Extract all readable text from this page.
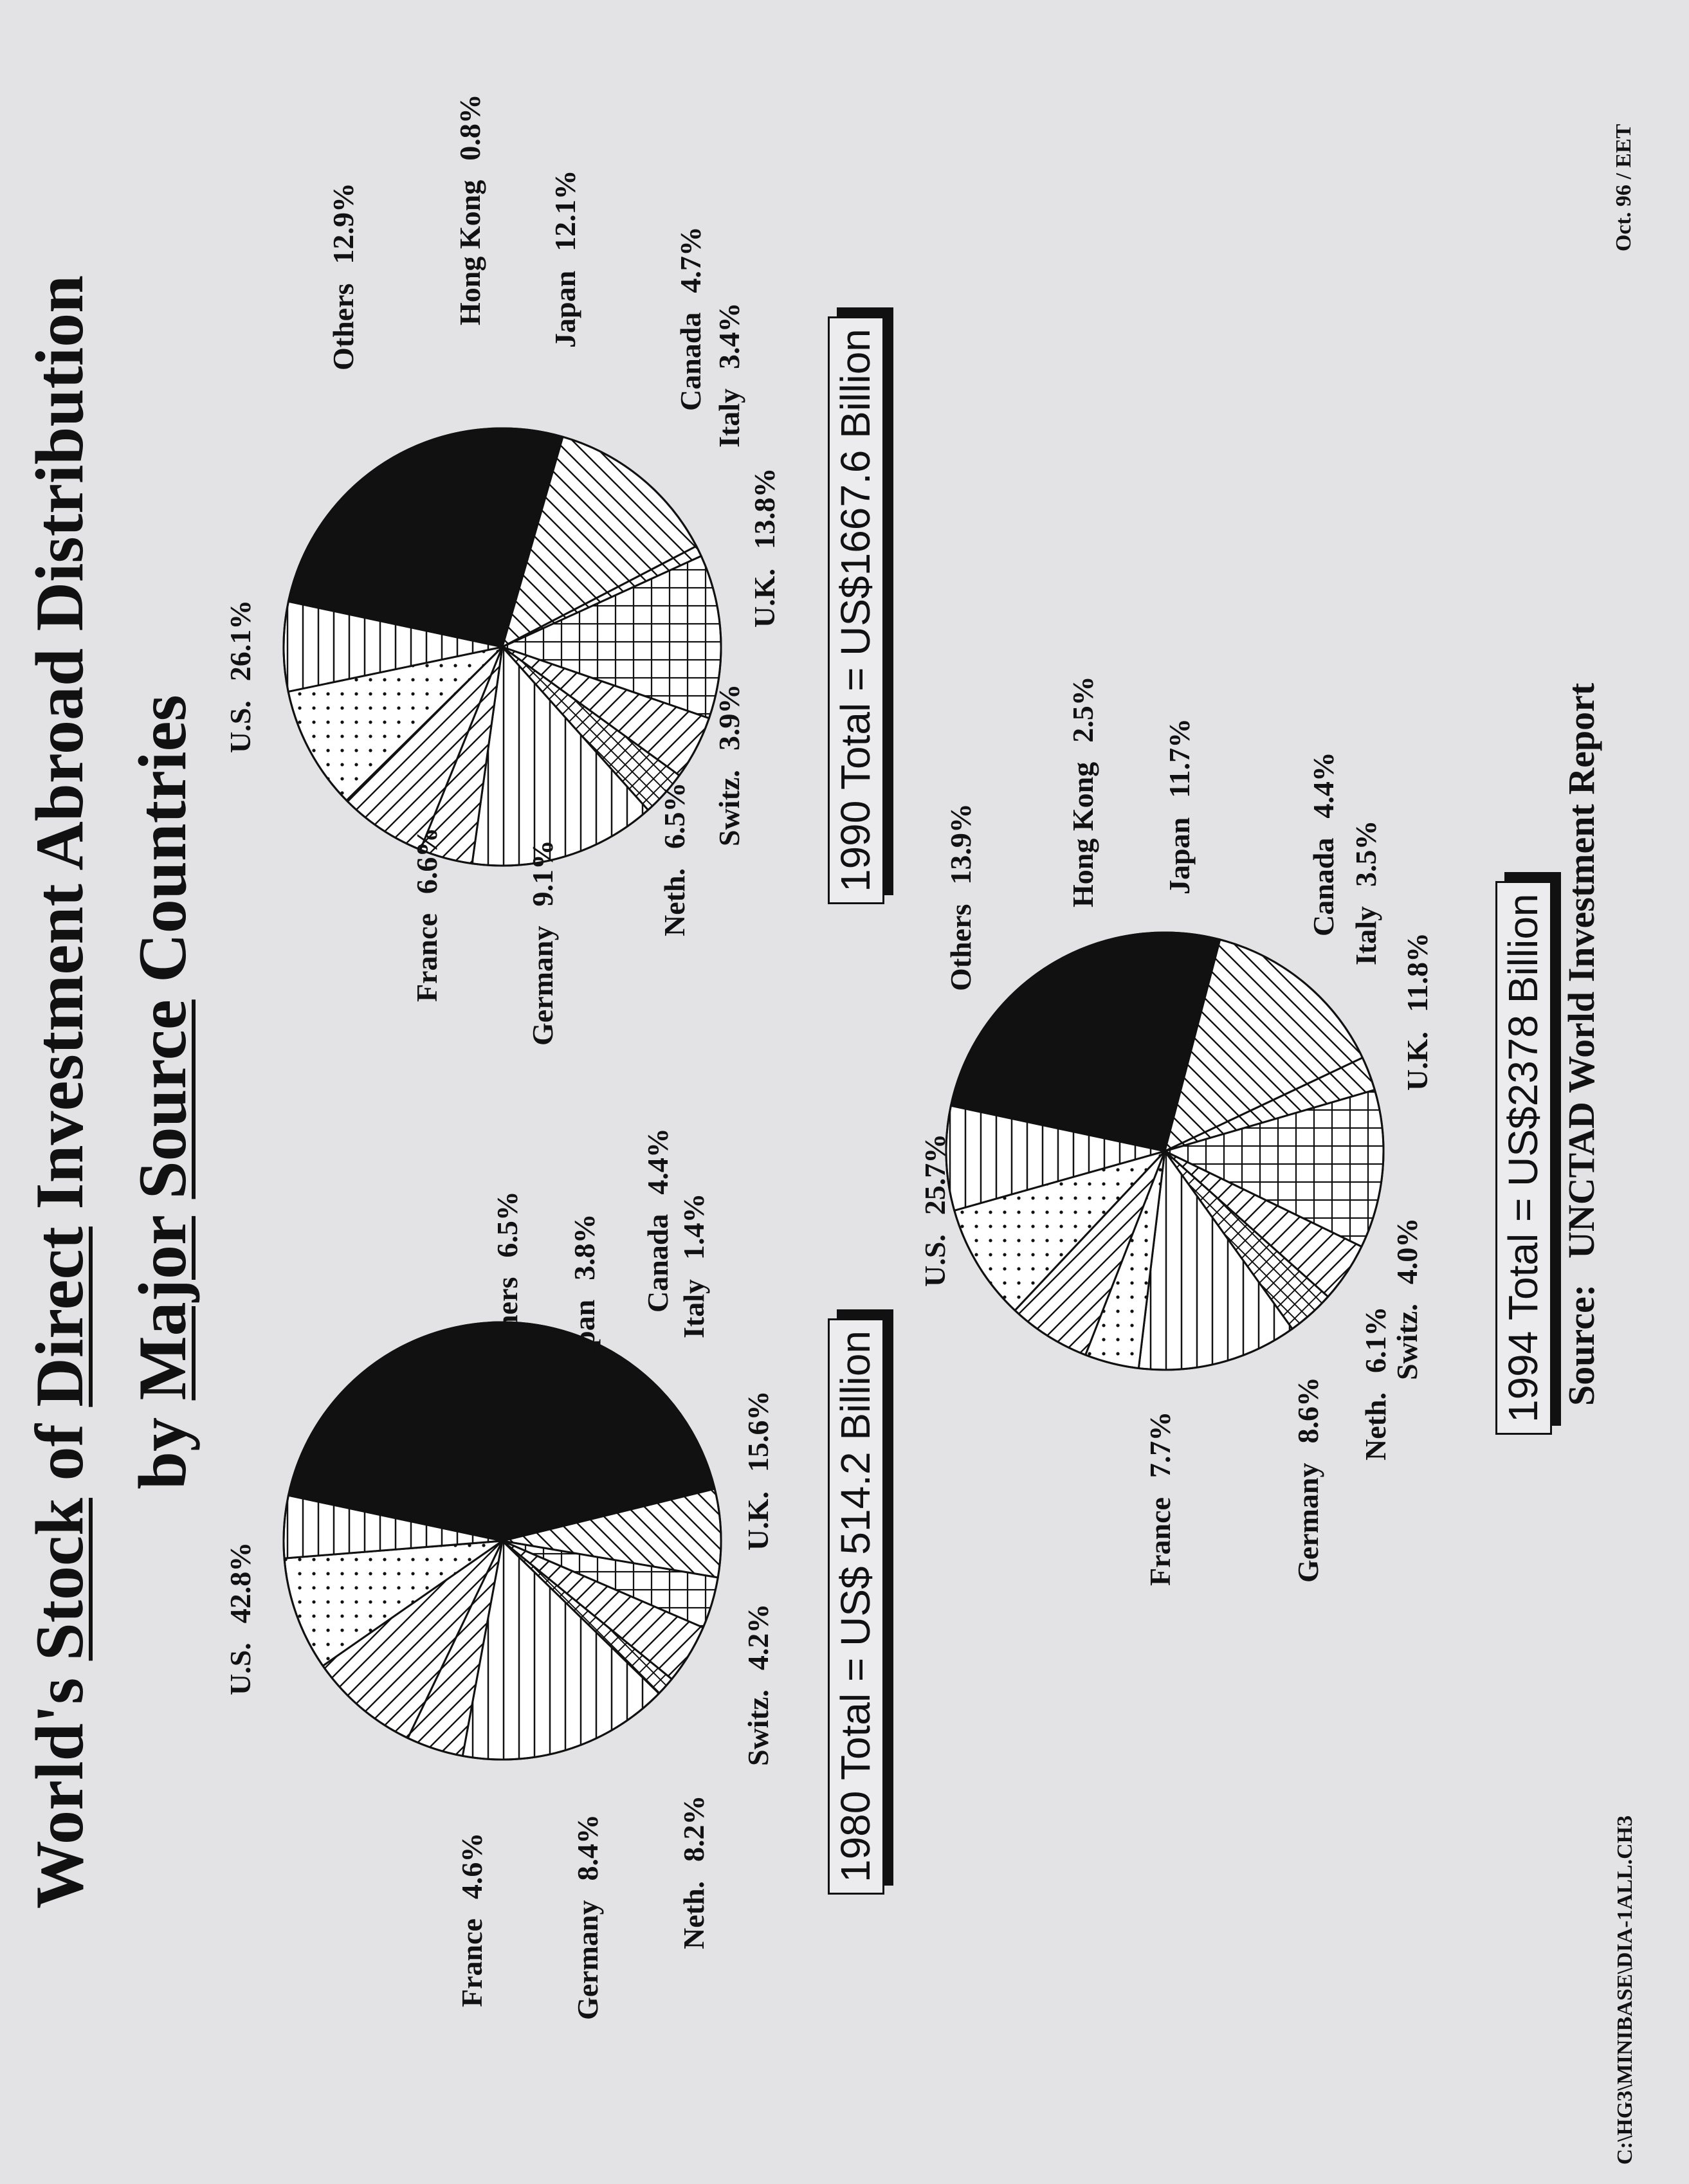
World's Stock of Direct Investment Abroad Distribution
by Major Source Countries
1980 Total = US$ 514.2 Billion
1990 Total = US$1667.6 Billion
1994 Total = US$2378 Billion
U.S.42.8%
Others6.5%
Japan3.8% Canada4.4%
Italy1.4%
U.K.15.6%
Switz.4.2%
Neth.8.2%
Germany8.4%
France4.6%
U.S.26.1%
Others12.9%	Hong Kong0.8%
Japan12.1%
Canada4.7%
Italy3.4%
U.K.13.8%
Switz.3.9%
Neth.6.5%
Germany9.1%
France6.6%
U.S.25.7%
Others13.9%	Hong Kong2.5%
Japan11.7%
Canada4.4%
Italy3.5%
U.K.11.8%
Switz.4.0%
Neth.6.1%
Germany8.6%
France7.7%
Source:UNCTAD World Investment Report
C:\HG3\MINIBASE\DIA-1ALL.CH3
Oct. 96 / EET
